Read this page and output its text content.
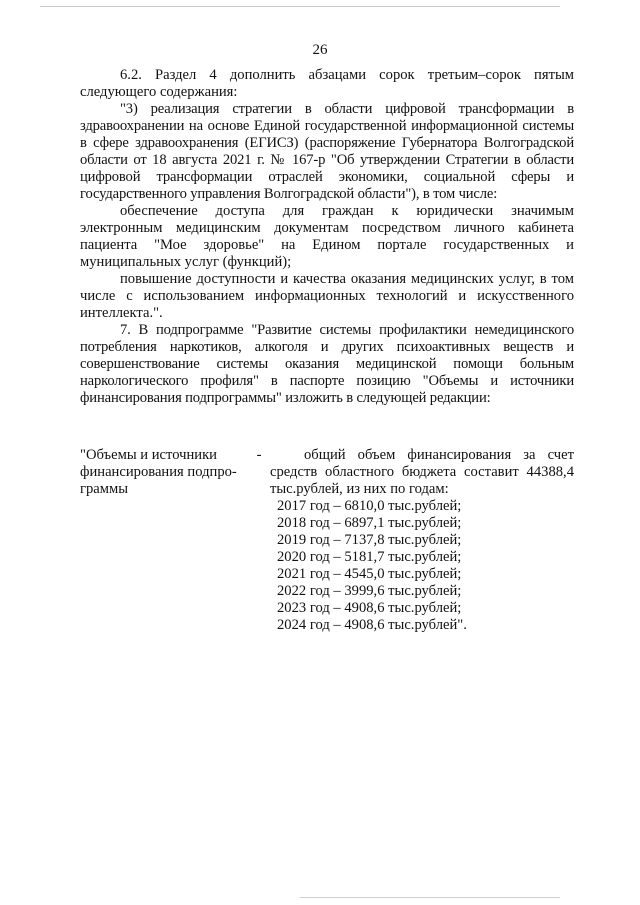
26

6.2. Раздел 4 дополнить абзацами сорок третьим–сорок пятым следующего содержания:

"3) реализация стратегии в области цифровой трансформации в здравоохранении на основе Единой государственной информационной системы в сфере здравоохранения (ЕГИСЗ) (распоряжение Губернатора Волгоградской области от 18 августа 2021 г. № 167-р "Об утверждении Стратегии в области цифровой трансформации отраслей экономики, социальной сферы и государственного управления Волгоградской области"), в том числе:

обеспечение доступа для граждан к юридически значимым электронным медицинским документам посредством личного кабинета пациента "Мое здоровье" на Едином портале государственных и муниципальных услуг (функций);

повышение доступности и качества оказания медицинских услуг, в том числе с использованием информационных технологий и искусственного интеллекта.".

7. В подпрограмме "Развитие системы профилактики немедицинского потребления наркотиков, алкоголя и других психоактивных веществ и совершенствование системы оказания медицинской помощи больным наркологического профиля" в паспорте позицию "Объемы и источники финансирования подпрограммы" изложить в следующей редакции:

"Объемы и источники финансирования подпрограммы

-	общий объем финансирования за счет средств областного бюджета составит 44388,4 тыс.рублей, из них по годам:

2017 год – 6810,0 тыс.рублей;
2018 год – 6897,1 тыс.рублей;
2019 год – 7137,8 тыс.рублей;
2020 год – 5181,7 тыс.рублей;
2021 год – 4545,0 тыс.рублей;
2022 год – 3999,6 тыс.рублей;
2023 год – 4908,6 тыс.рублей;
2024 год – 4908,6 тыс.рублей".
